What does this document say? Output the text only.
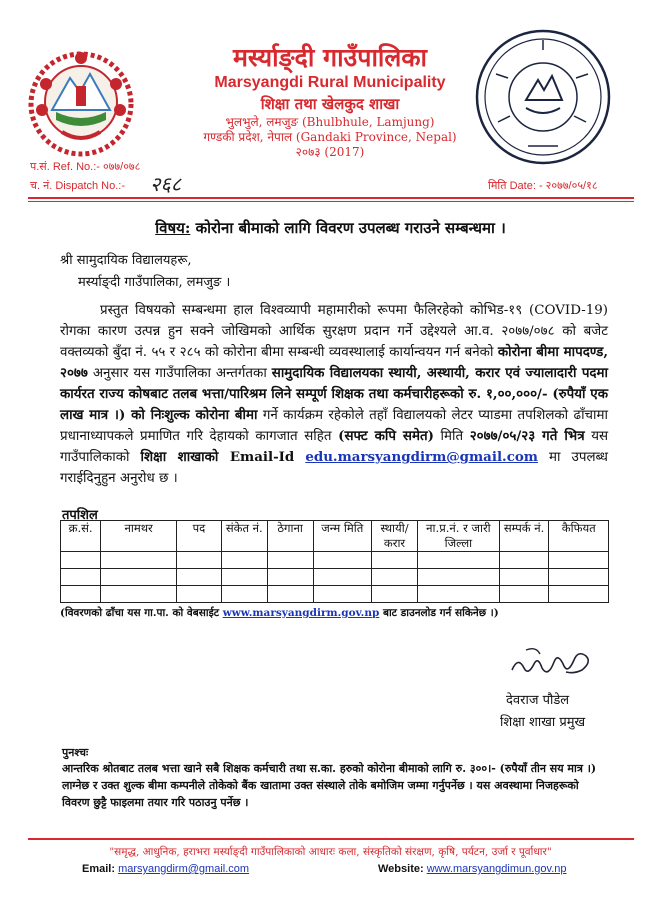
मर्स्याङ्दी गाउँपालिका
Marsyangdi Rural Municipality
शिक्षा तथा खेलकुद शाखा
भुलभुले, लमजुङ (Bhulbhule, Lamjung)
गण्डकी प्रदेश, नेपाल (Gandaki Province, Nepal)
२०७३ (2017)
प.सं. Ref. No.:- ०७७/०७८
च. नं. Dispatch No.:- २६८	मिति Date: - २०७७/०५/१८
विषय: कोरोना बीमाको लागि विवरण उपलब्ध गराउने सम्बन्धमा ।
श्री सामुदायिक विद्यालयहरू,
मर्स्याङ्दी गाउँपालिका, लमजुङ ।
प्रस्तुत विषयको सम्बन्धमा हाल विश्वव्यापी महामारीको रूपमा फैलिरहेको कोभिड-१९ (COVID-19) रोगका कारण उत्पन्न हुन सक्ने जोखिमको आर्थिक सुरक्षण प्रदान गर्ने उद्देश्यले आ.व. २०७७/०७८ को बजेट वक्तव्यको बुँदा नं. ५५ र २८५ को कोरोना बीमा सम्बन्धी व्यवस्थालाई कार्यान्वयन गर्न बनेको कोरोना बीमा मापदण्ड, २०७७ अनुसार यस गाउँपालिका अन्तर्गतका सामुदायिक विद्यालयका स्थायी, अस्थायी, करार एवं ज्यालादारी पदमा कार्यरत राज्य कोषबाट तलब भत्ता/पारिश्रम लिने सम्पूर्ण शिक्षक तथा कर्मचारीहरूको रु. १,००,०००/- (रुपैयाँ एक लाख मात्र ।) को निःशुल्क कोरोना बीमा गर्ने कार्यक्रम रहेकोले तहाँ विद्यालयको लेटर प्याडमा तपशिलको ढाँचामा प्रधानाध्यापकले प्रमाणित गरि देहायको कागजात सहित (सफ्ट कपि समेत) मिति २०७७/०५/२३ गते भित्र यस गाउँपालिकाको शिक्षा शाखाको Email-Id edu.marsyangdirm@gmail.com मा उपलब्ध गराईदिनुहुन अनुरोध छ ।
तपशिल
क्र.सं.	नामथर	पद	संकेत नं.	ठेगाना	जन्म मिति	स्थायी/ करार	ना.प्र.नं. र जारी जिल्ला	सम्पर्क नं.	कैफियत

(विवरणको ढाँचा यस गा.पा. को वेबसाईट www.marsyangdirm.gov.np बाट डाउनलोड गर्न सकिनेछ ।)
देवराज पौडेल
शिक्षा शाखा प्रमुख
पुनश्चः
आन्तरिक श्रोतबाट तलब भत्ता खाने सबै शिक्षक कर्मचारी तथा स.का. हरुको कोरोना बीमाको लागि रु. ३००।- (रुपैयाँ तीन सय मात्र ।) लाग्नेछ र उक्त शुल्क बीमा कम्पनीले तोकेको बैंक खातामा उक्त संस्थाले तोके बमोजिम जम्मा गर्नुपर्नेछ । यस अवस्थामा निजहरूको विवरण छुट्टै फाइलमा तयार गरि पठाउनु पर्नेछ ।
"समृद्ध, आधुनिक, हराभरा मर्स्याङ्दी गाउँपालिकाको आधारः कला, संस्कृतिको संरक्षण, कृषि, पर्यटन, उर्जा र पूर्वाधार"
Email: marsyangdirm@gmail.com	Website: www.marsyangdimun.gov.np
